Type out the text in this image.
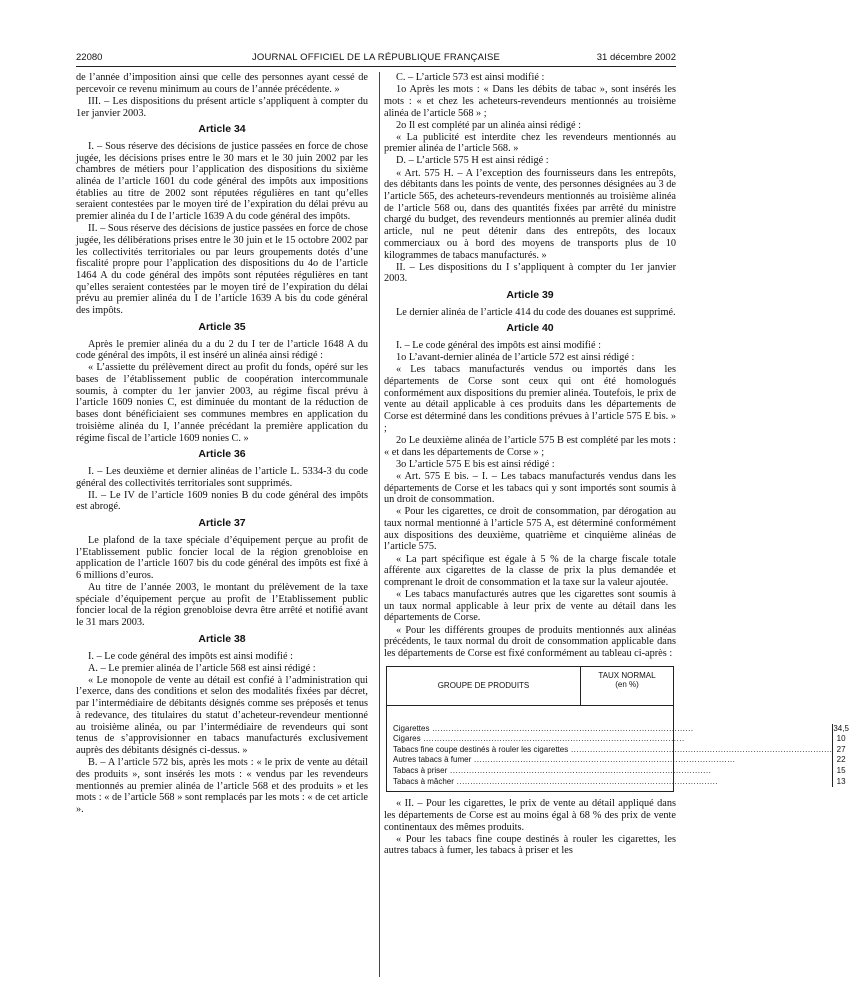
22080	JOURNAL OFFICIEL DE LA RÉPUBLIQUE FRANÇAISE	31 décembre 2002

de l’année d’imposition ainsi que celle des personnes ayant cessé de percevoir ce revenu minimum au cours de l’année précédente. »

III. – Les dispositions du présent article s’appliquent à compter du 1er janvier 2003.

Article 34

I. – Sous réserve des décisions de justice passées en force de chose jugée, les décisions prises entre le 30 mars et le 30 juin 2002 par les chambres de métiers pour l’application des dispositions du sixième alinéa de l’article 1601 du code général des impôts aux impositions établies au titre de 2002 sont réputées régulières en tant qu’elles seraient contestées par le moyen tiré de l’expiration du délai prévu au premier alinéa du I de l’article 1639 A du code général des impôts.

II. – Sous réserve des décisions de justice passées en force de chose jugée, les délibérations prises entre le 30 juin et le 15 octobre 2002 par les collectivités territoriales ou par leurs groupements dotés d’une fiscalité propre pour l’application des dispositions du 4o de l’article 1464 A du code général des impôts sont réputées régulières en tant qu’elles seraient contestées par le moyen tiré de l’expiration du délai prévu au premier alinéa du I de l’article 1639 A bis du code général des impôts.

Article 35

Après le premier alinéa du a du 2 du I ter de l’article 1648 A du code général des impôts, il est inséré un alinéa ainsi rédigé :

« L’assiette du prélèvement direct au profit du fonds, opéré sur les bases de l’établissement public de coopération intercommunale soumis, à compter du 1er janvier 2003, au régime fiscal prévu à l’article 1609 nonies C, est diminuée du montant de la réduction de bases dont bénéficiaient ses communes membres en application du troisième alinéa du I, l’année précédant la première application du régime fiscal de l’article 1609 nonies C. »

Article 36

I. – Les deuxième et dernier alinéas de l’article L. 5334-3 du code général des collectivités territoriales sont supprimés.

II. – Le IV de l’article 1609 nonies B du code général des impôts est abrogé.

Article 37

Le plafond de la taxe spéciale d’équipement perçue au profit de l’Etablissement public foncier local de la région grenobloise en application de l’article 1607 bis du code général des impôts est fixé à 6 millions d’euros.

Au titre de l’année 2003, le montant du prélèvement de la taxe spéciale d’équipement perçue au profit de l’Etablissement public foncier local de la région grenobloise devra être arrêté et notifié avant le 31 mars 2003.

Article 38

I. – Le code général des impôts est ainsi modifié :

A. – Le premier alinéa de l’article 568 est ainsi rédigé :

« Le monopole de vente au détail est confié à l’administration qui l’exerce, dans des conditions et selon des modalités fixées par décret, par l’intermédiaire de débitants désignés comme ses préposés et tenus à redevance, des titulaires du statut d’acheteur-revendeur mentionné au troisième alinéa, ou par l’intermédiaire de revendeurs qui sont tenus de s’approvisionner en tabacs manufacturés exclusivement auprès des débitants désignés ci-dessus. »

B. – A l’article 572 bis, après les mots : « le prix de vente au détail des produits », sont insérés les mots : « vendus par les revendeurs mentionnés au premier alinéa de l’article 568 et des produits » et les mots : « de l’article 568 » sont remplacés par les mots : « de cet article ».

C. – L’article 573 est ainsi modifié :

1o Après les mots : « Dans les débits de tabac », sont insérés les mots : « et chez les acheteurs-revendeurs mentionnés au troisième alinéa de l’article 568 » ;

2o Il est complété par un alinéa ainsi rédigé :

« La publicité est interdite chez les revendeurs mentionnés au premier alinéa de l’article 568. »

D. – L’article 575 H est ainsi rédigé :

« Art. 575 H. – A l’exception des fournisseurs dans les entrepôts, des débitants dans les points de vente, des personnes désignées au 3 de l’article 565, des acheteurs-revendeurs mentionnés au troisième alinéa de l’article 568 ou, dans des quantités fixées par arrêté du ministre chargé du budget, des revendeurs mentionnés au premier alinéa dudit article, nul ne peut détenir dans des entrepôts, des locaux commerciaux ou à bord des moyens de transports plus de 10 kilogrammes de tabacs manufacturés. »

II. – Les dispositions du I s’appliquent à compter du 1er janvier 2003.

Article 39

Le dernier alinéa de l’article 414 du code des douanes est supprimé.

Article 40

I. – Le code général des impôts est ainsi modifié :

1o L’avant-dernier alinéa de l’article 572 est ainsi rédigé :

« Les tabacs manufacturés vendus ou importés dans les départements de Corse sont ceux qui ont été homologués conformément aux dispositions du premier alinéa. Toutefois, le prix de vente au détail applicable à ces produits dans les départements de Corse est déterminé dans les conditions prévues à l’article 575 E bis. » ;

2o Le deuxième alinéa de l’article 575 B est complété par les mots : « et dans les départements de Corse » ;

3o L’article 575 E bis est ainsi rédigé :

« Art. 575 E bis. – I. – Les tabacs manufacturés vendus dans les départements de Corse et les tabacs qui y sont importés sont soumis à un droit de consommation.

« Pour les cigarettes, ce droit de consommation, par dérogation au taux normal mentionné à l’article 575 A, est déterminé conformément aux dispositions des deuxième, quatrième et cinquième alinéas de l’article 575.

« La part spécifique est égale à 5 % de la charge fiscale totale afférente aux cigarettes de la classe de prix la plus demandée et comprenant le droit de consommation et la taxe sur la valeur ajoutée.

« Les tabacs manufacturés autres que les cigarettes sont soumis à un taux normal applicable à leur prix de vente au détail dans les départements de Corse.

« Pour les différents groupes de produits mentionnés aux alinéas précédents, le taux normal du droit de consommation applicable dans les départements de Corse est fixé conformément au tableau ci-après :

GROUPE DE PRODUITS
TAUX NORMAL
(en %)
Cigarettes .....
Cigares .....
Tabacs fine coupe destinés à rouler les cigarettes .....
Autres tabacs à fumer .....
Tabacs à priser .....
Tabacs à mâcher .....
34,5
10
27
22
15
13

« II. – Pour les cigarettes, le prix de vente au détail appliqué dans les départements de Corse est au moins égal à 68 % des prix de vente continentaux des mêmes produits.

« Pour les tabacs fine coupe destinés à rouler les cigarettes, les autres tabacs à fumer, les tabacs à priser et les
